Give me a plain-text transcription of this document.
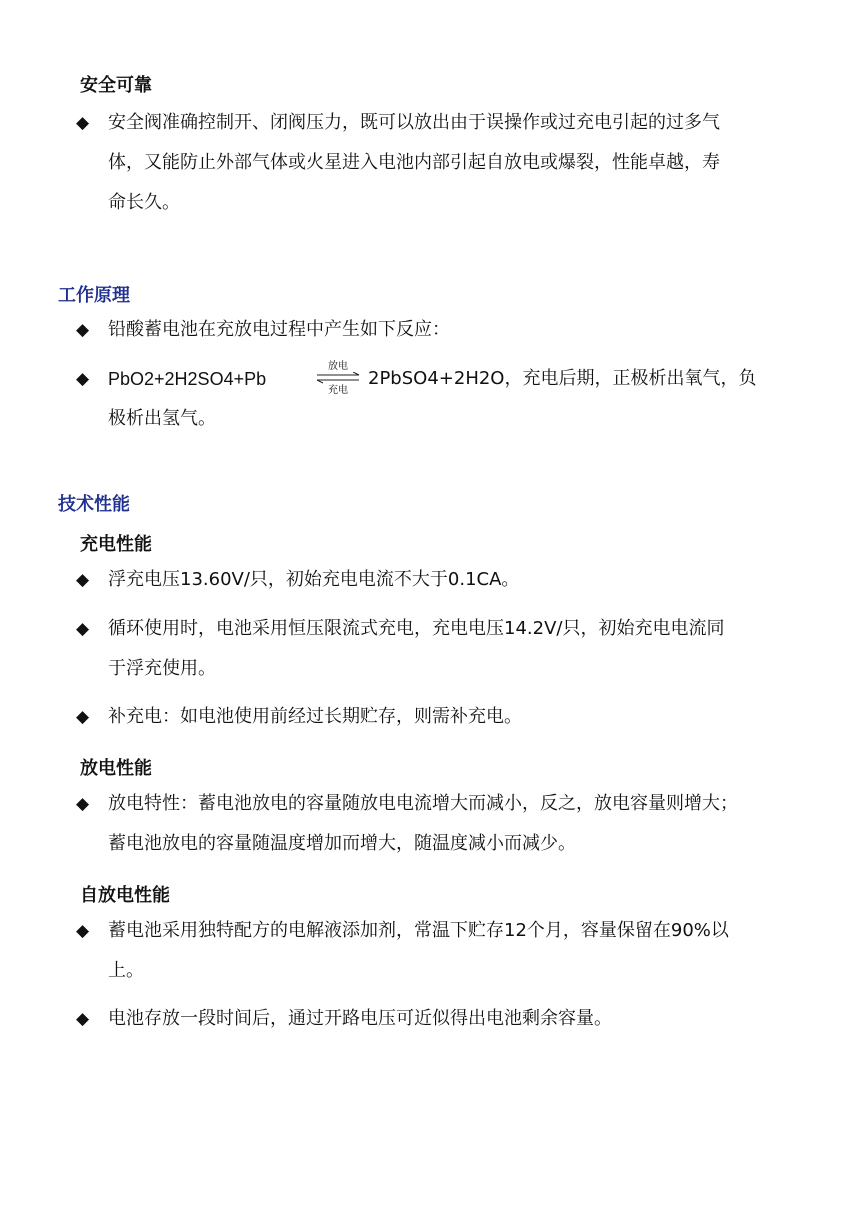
安全可靠
◆	安全阀准确控制开、闭阀压力，既可以放出由于误操作或过充电引起的过多气
体，又能防止外部气体或火星进入电池内部引起自放电或爆裂，性能卓越，寿
命长久。
工作原理
◆	铅酸蓄电池在充放电过程中产生如下反应：
◆	PbO2+2H2SO4+Pb
放电
充电
2PbSO4+2H2O，充电后期，正极析出氧气，负
极析出氢气。
技术性能
充电性能
◆	浮充电压13.60V/只，初始充电电流不大于0.1CA。
◆	循环使用时，电池采用恒压限流式充电，充电电压14.2V/只，初始充电电流同
于浮充使用。
◆	补充电：如电池使用前经过长期贮存，则需补充电。
放电性能
◆	放电特性：蓄电池放电的容量随放电电流增大而减小，反之，放电容量则增大；
蓄电池放电的容量随温度增加而增大，随温度减小而减少。
自放电性能
◆	蓄电池采用独特配方的电解液添加剂，常温下贮存12个月，容量保留在90%以
上。
◆	电池存放一段时间后，通过开路电压可近似得出电池剩余容量。
